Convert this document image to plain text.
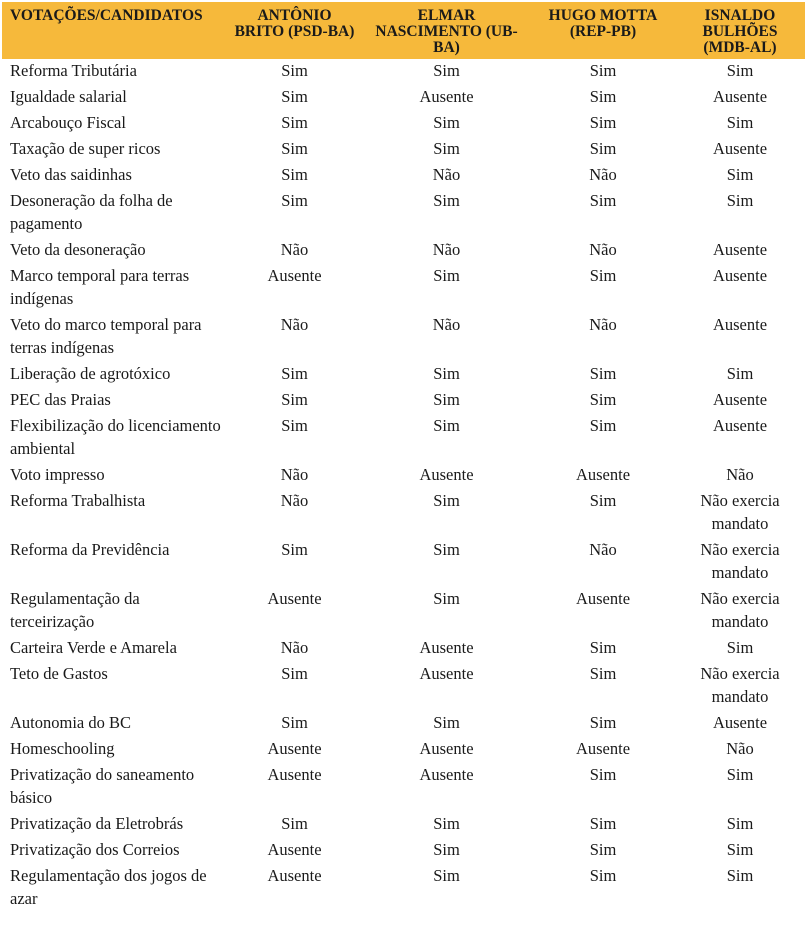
VOTAÇÕES/CANDIDATOS	ANTÔNIO BRITO (PSD-BA)	ELMAR NASCIMENTO (UB-BA)	HUGO MOTTA (REP-PB)	ISNALDO BULHÕES (MDB-AL)
Reforma Tributária	Sim	Sim	Sim	Sim
Igualdade salarial	Sim	Ausente	Sim	Ausente
Arcabouço Fiscal	Sim	Sim	Sim	Sim
Taxação de super ricos	Sim	Sim	Sim	Ausente
Veto das saidinhas	Sim	Não	Não	Sim
Desoneração da folha de pagamento	Sim	Sim	Sim	Sim
Veto da desoneração	Não	Não	Não	Ausente
Marco temporal para terras indígenas	Ausente	Sim	Sim	Ausente
Veto do marco temporal para terras indígenas	Não	Não	Não	Ausente
Liberação de agrotóxico	Sim	Sim	Sim	Sim
PEC das Praias	Sim	Sim	Sim	Ausente
Flexibilização do licenciamento ambiental	Sim	Sim	Sim	Ausente
Voto impresso	Não	Ausente	Ausente	Não
Reforma Trabalhista	Não	Sim	Sim	Não exercia mandato
Reforma da Previdência	Sim	Sim	Não	Não exercia mandato
Regulamentação da terceirização	Ausente	Sim	Ausente	Não exercia mandato
Carteira Verde e Amarela	Não	Ausente	Sim	Sim
Teto de Gastos	Sim	Ausente	Sim	Não exercia mandato
Autonomia do BC	Sim	Sim	Sim	Ausente
Homeschooling	Ausente	Ausente	Ausente	Não
Privatização do saneamento básico	Ausente	Ausente	Sim	Sim
Privatização da Eletrobrás	Sim	Sim	Sim	Sim
Privatização dos Correios	Ausente	Sim	Sim	Sim
Regulamentação dos jogos de azar	Ausente	Sim	Sim	Sim
